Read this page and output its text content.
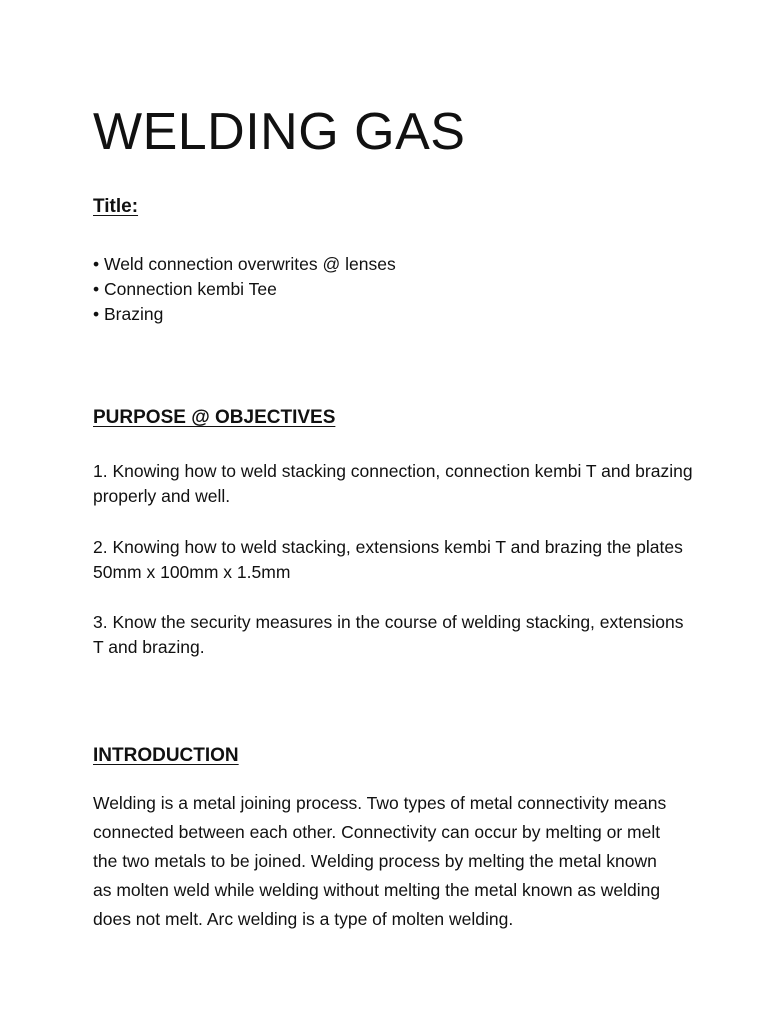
WELDING GAS
Title:
• Weld connection overwrites @ lenses
• Connection kembi Tee
• Brazing
PURPOSE @ OBJECTIVES

1. Knowing how to weld stacking connection, connection kembi T and brazing properly and well.

2. Knowing how to weld stacking, extensions kembi T and brazing the plates 50mm x 100mm x 1.5mm

3. Know the security measures in the course of welding stacking, extensions T and brazing.

INTRODUCTION

Welding is a metal joining process. Two types of metal connectivity means connected between each other. Connectivity can occur by melting or melt the two metals to be joined. Welding process by melting the metal known as molten weld while welding without melting the metal known as welding does not melt. Arc welding is a type of molten welding.
